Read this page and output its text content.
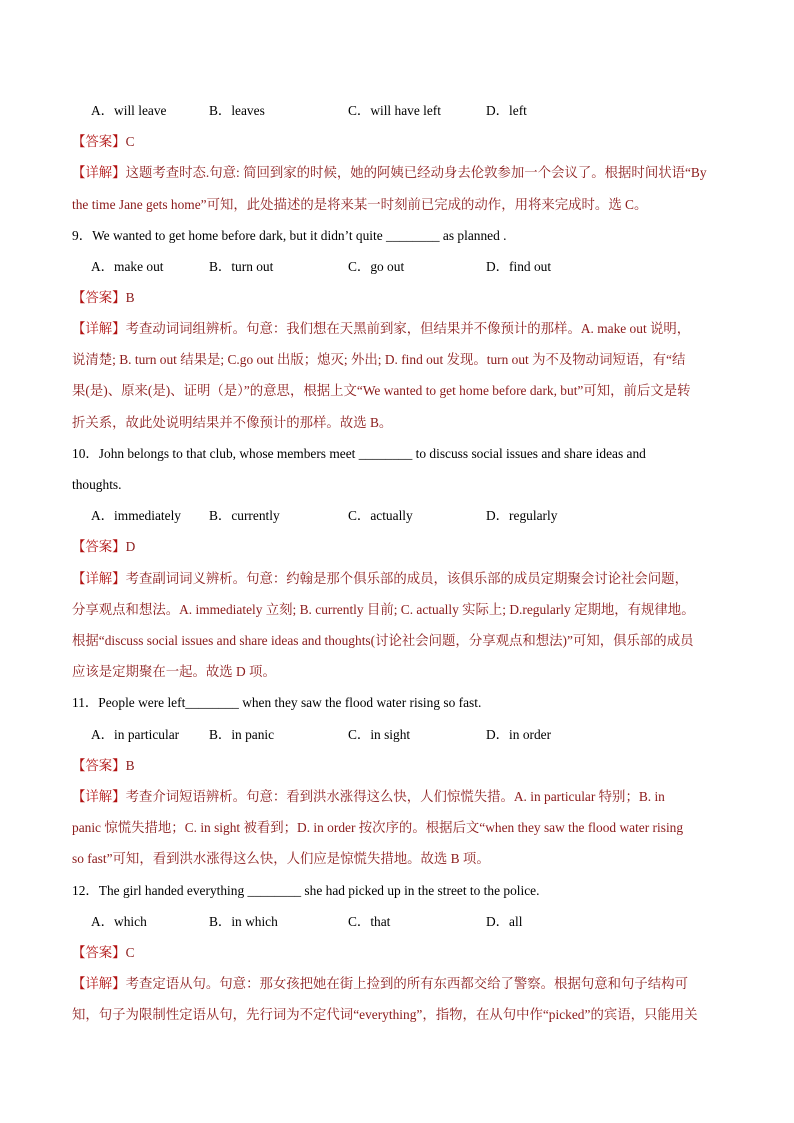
A．will leave	B．leaves	C．will have left	D．left
【答案】C
【详解】这题考查时态.句意: 简回到家的时候，她的阿姨已经动身去伦敦参加一个会议了。根据时间状语“By
the time Jane gets home”可知，此处描述的是将来某一时刻前已完成的动作，用将来完成时。选 C。
9．We wanted to get home before dark, but it didn’t quite ________ as planned .
A．make out	B．turn out	C．go out	D．find out
【答案】B
【详解】考查动词词组辨析。句意：我们想在天黑前到家，但结果并不像预计的那样。A. make out 说明，
说清楚; B. turn out 结果是; C.go out 出版；熄灭; 外出; D. find out 发现。turn out 为不及物动词短语，有“结
果(是)、原来(是)、证明（是）”的意思，根据上文“We wanted to get home before dark, but”可知，前后文是转
折关系，故此处说明结果并不像预计的那样。故选 B。
10．John belongs to that club, whose members meet ________ to discuss social issues and share ideas and
thoughts.
A．immediately B．currently	C．actually	D．regularly
【答案】D
【详解】考查副词词义辨析。句意：约翰是那个俱乐部的成员，该俱乐部的成员定期聚会讨论社会问题，
分享观点和想法。A. immediately 立刻; B. currently 目前; C. actually 实际上; D.regularly 定期地，有规律地。
根据“discuss social issues and share ideas and thoughts(讨论社会问题，分享观点和想法)”可知，俱乐部的成员
应该是定期聚在一起。故选 D 项。
11．People were left________ when they saw the flood water rising so fast.
A．in particular B．in panic	C．in sight	D．in order
【答案】B
【详解】考查介词短语辨析。句意：看到洪水涨得这么快，人们惊慌失措。A. in particular 特别；B. in
panic 惊慌失措地；C. in sight 被看到；D. in order 按次序的。根据后文“when they saw the flood water rising
so fast”可知，看到洪水涨得这么快，人们应是惊慌失措地。故选 B 项。
12．The girl handed everything ________ she had picked up in the street to the police.
A．which	B．in which	C．that	D．all
【答案】C
【详解】考查定语从句。句意：那女孩把她在街上捡到的所有东西都交给了警察。根据句意和句子结构可
知，句子为限制性定语从句，先行词为不定代词“everything”，指物，在从句中作“picked”的宾语，只能用关
